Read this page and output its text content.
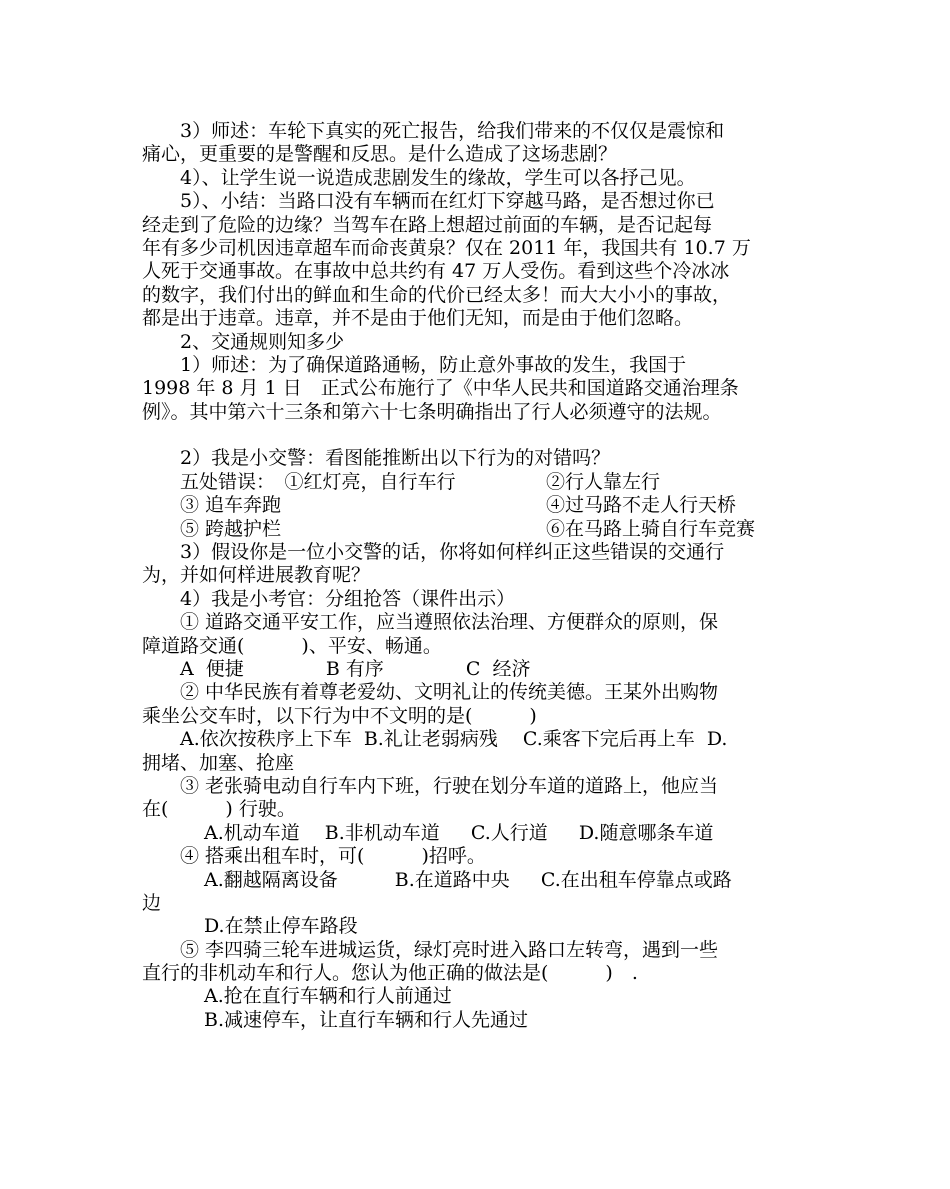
3）师述：车轮下真实的死亡报告，给我们带来的不仅仅是震惊和
痛心，更重要的是警醒和反思。是什么造成了这场悲剧？
4）、让学生说一说造成悲剧发生的缘故，学生可以各抒己见。
5）、小结：当路口没有车辆而在红灯下穿越马路，是否想过你已
经走到了危险的边缘？当驾车在路上想超过前面的车辆，是否记起每
年有多少司机因违章超车而命丧黄泉？仅在 2011 年，我国共有 10.7 万
人死于交通事故。在事故中总共约有 47 万人受伤。看到这些个冷冰冰
的数字，我们付出的鲜血和生命的代价已经太多！而大大小小的事故，
都是出于违章。违章，并不是由于他们无知，而是由于他们忽略。
2、交通规则知多少
1）师述：为了确保道路通畅，防止意外事故的发生，我国于
1998 年 8 月 1 日　正式公布施行了《中华人民共和国道路交通治理条
例》。其中第六十三条和第六十七条明确指出了行人必须遵守的法规。
2）我是小交警：看图能推断出以下行为的对错吗？
五处错误：　①红灯亮，自行车行	②行人靠左行
③ 追车奔跑	④过马路不走人行天桥
⑤ 跨越护栏	⑥在马路上骑自行车竞赛
3）假设你是一位小交警的话，你将如何样纠正这些错误的交通行
为，并如何样进展教育呢？
4）我是小考官：分组抢答（课件出示）
① 道路交通平安工作，应当遵照依法治理、方便群众的原则，保
障道路交通(　　　)、平安、畅通。
A  便捷　　　　 B 有序　　　　 C  经济
② 中华民族有着尊老爱幼、文明礼让的传统美德。王某外出购物
乘坐公交车时，以下行为中不文明的是(　　　)
A.依次按秩序上下车  B.礼让老弱病残　 C.乘客下完后再上车  D.
拥堵、加塞、抢座
③ 老张骑电动自行车内下班，行驶在划分车道的道路上，他应当
在(　　　) 行驶。
A.机动车道　 B.非机动车道　  C.人行道　  D.随意哪条车道
④ 搭乘出租车时，可(　　　)招呼。
A.翻越隔离设备　　　B.在道路中央　  C.在出租车停靠点或路
边
D.在禁止停车路段
⑤ 李四骑三轮车进城运货，绿灯亮时进入路口左转弯，遇到一些
直行的非机动车和行人。您认为他正确的做法是(　　　)　.
A.抢在直行车辆和行人前通过
B.减速停车，让直行车辆和行人先通过
